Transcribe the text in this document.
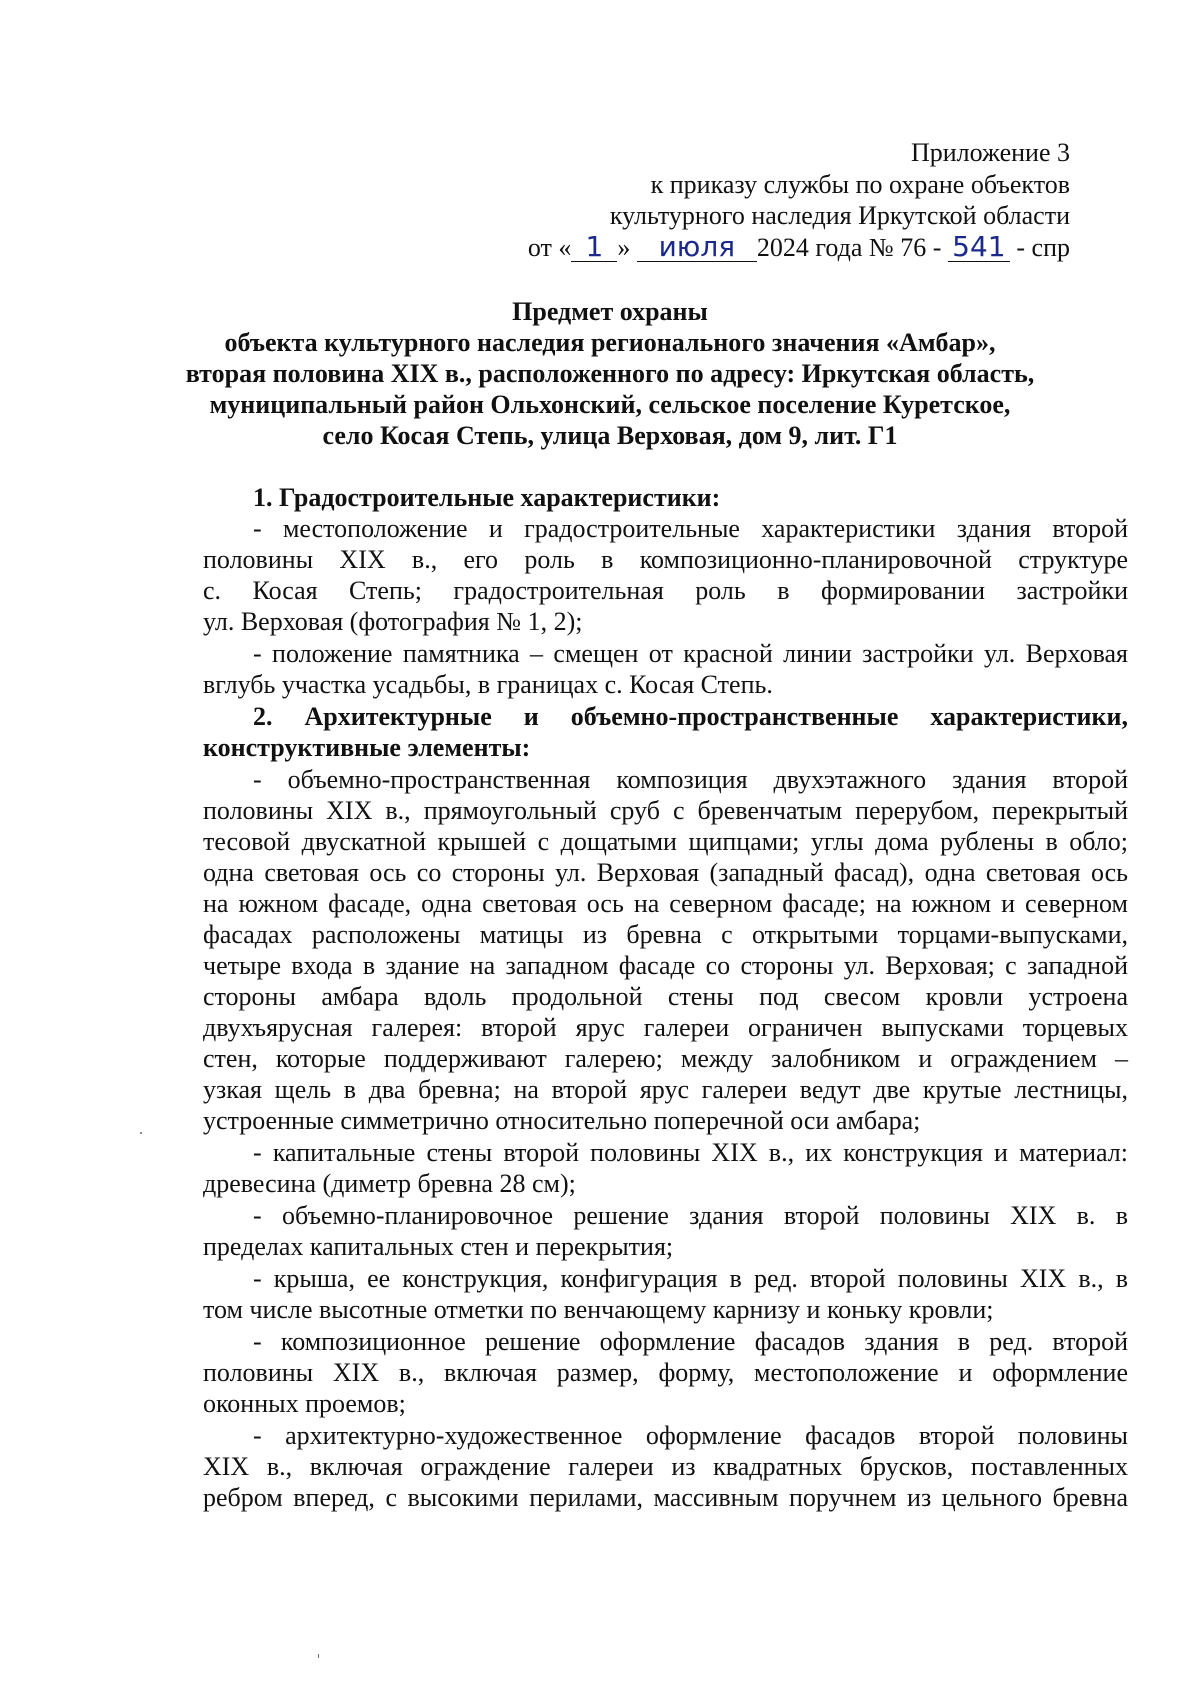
Приложение 3
к приказу службы по охране объектов
культурного наследия Иркутской области
от « 1 » июля 2024 года № 76 - 541 - спр
Предмет охраны
объекта культурного наследия регионального значения «Амбар»,
вторая половина XIX в., расположенного по адресу: Иркутская область,
муниципальный район Ольхонский, сельское поселение Куретское,
село Косая Степь, улица Верховая, дом 9, лит. Г1
1. Градостроительные характеристики:
- местоположение и градостроительные характеристики здания второй
половины XIX в., его роль в композиционно-планировочной структуре
с. Косая Степь; градостроительная роль в формировании застройки
ул. Верховая (фотография № 1, 2);
- положение памятника – смещен от красной линии застройки ул. Верховая
вглубь участка усадьбы, в границах с. Косая Степь.
2. Архитектурные и объемно-пространственные характеристики,
конструктивные элементы:
- объемно-пространственная композиция двухэтажного здания второй
половины XIX в., прямоугольный сруб с бревенчатым перерубом, перекрытый
тесовой двускатной крышей с дощатыми щипцами; углы дома рублены в обло;
одна световая ось со стороны ул. Верховая (западный фасад), одна световая ось
на южном фасаде, одна световая ось на северном фасаде; на южном и северном
фасадах расположены матицы из бревна с открытыми торцами-выпусками,
четыре входа в здание на западном фасаде со стороны ул. Верховая; с западной
стороны амбара вдоль продольной стены под свесом кровли устроена
двухъярусная галерея: второй ярус галереи ограничен выпусками торцевых
стен, которые поддерживают галерею; между залобником и ограждением –
узкая щель в два бревна; на второй ярус галереи ведут две крутые лестницы,
устроенные симметрично относительно поперечной оси амбара;
- капитальные стены второй половины XIX в., их конструкция и материал:
древесина (диметр бревна 28 см);
- объемно-планировочное решение здания второй половины XIX в. в
пределах капитальных стен и перекрытия;
- крыша, ее конструкция, конфигурация в ред. второй половины XIX в., в
том числе высотные отметки по венчающему карнизу и коньку кровли;
- композиционное решение оформление фасадов здания в ред. второй
половины XIX в., включая размер, форму, местоположение и оформление
оконных проемов;
- архитектурно-художественное оформление фасадов второй половины
XIX в., включая ограждение галереи из квадратных брусков, поставленных
ребром вперед, с высокими перилами, массивным поручнем из цельного бревна
